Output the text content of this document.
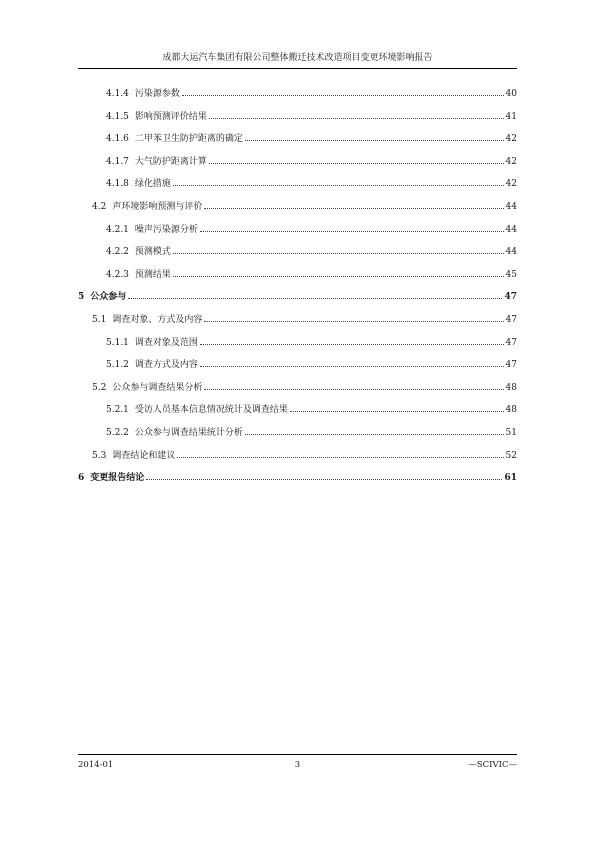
成都大运汽车集团有限公司整体搬迁技术改造项目变更环境影响报告
4.1.4 污染源参数	40
4.1.5 影响预测评价结果	41
4.1.6 二甲苯卫生防护距离的确定	42
4.1.7 大气防护距离计算	42
4.1.8 绿化措施	42
4.2 声环境影响预测与评价	44
4.2.1 噪声污染源分析	44
4.2.2 预测模式	44
4.2.3 预测结果	45
5 公众参与	47
5.1 调查对象、方式及内容	47
5.1.1 调查对象及范围	47
5.1.2 调查方式及内容	47
5.2 公众参与调查结果分析	48
5.2.1 受访人员基本信息情况统计及调查结果	48
5.2.2 公众参与调查结果统计分析	51
5.3 调查结论和建议	52
6 变更报告结论	61
2014-01	3	—SCIVIC—
